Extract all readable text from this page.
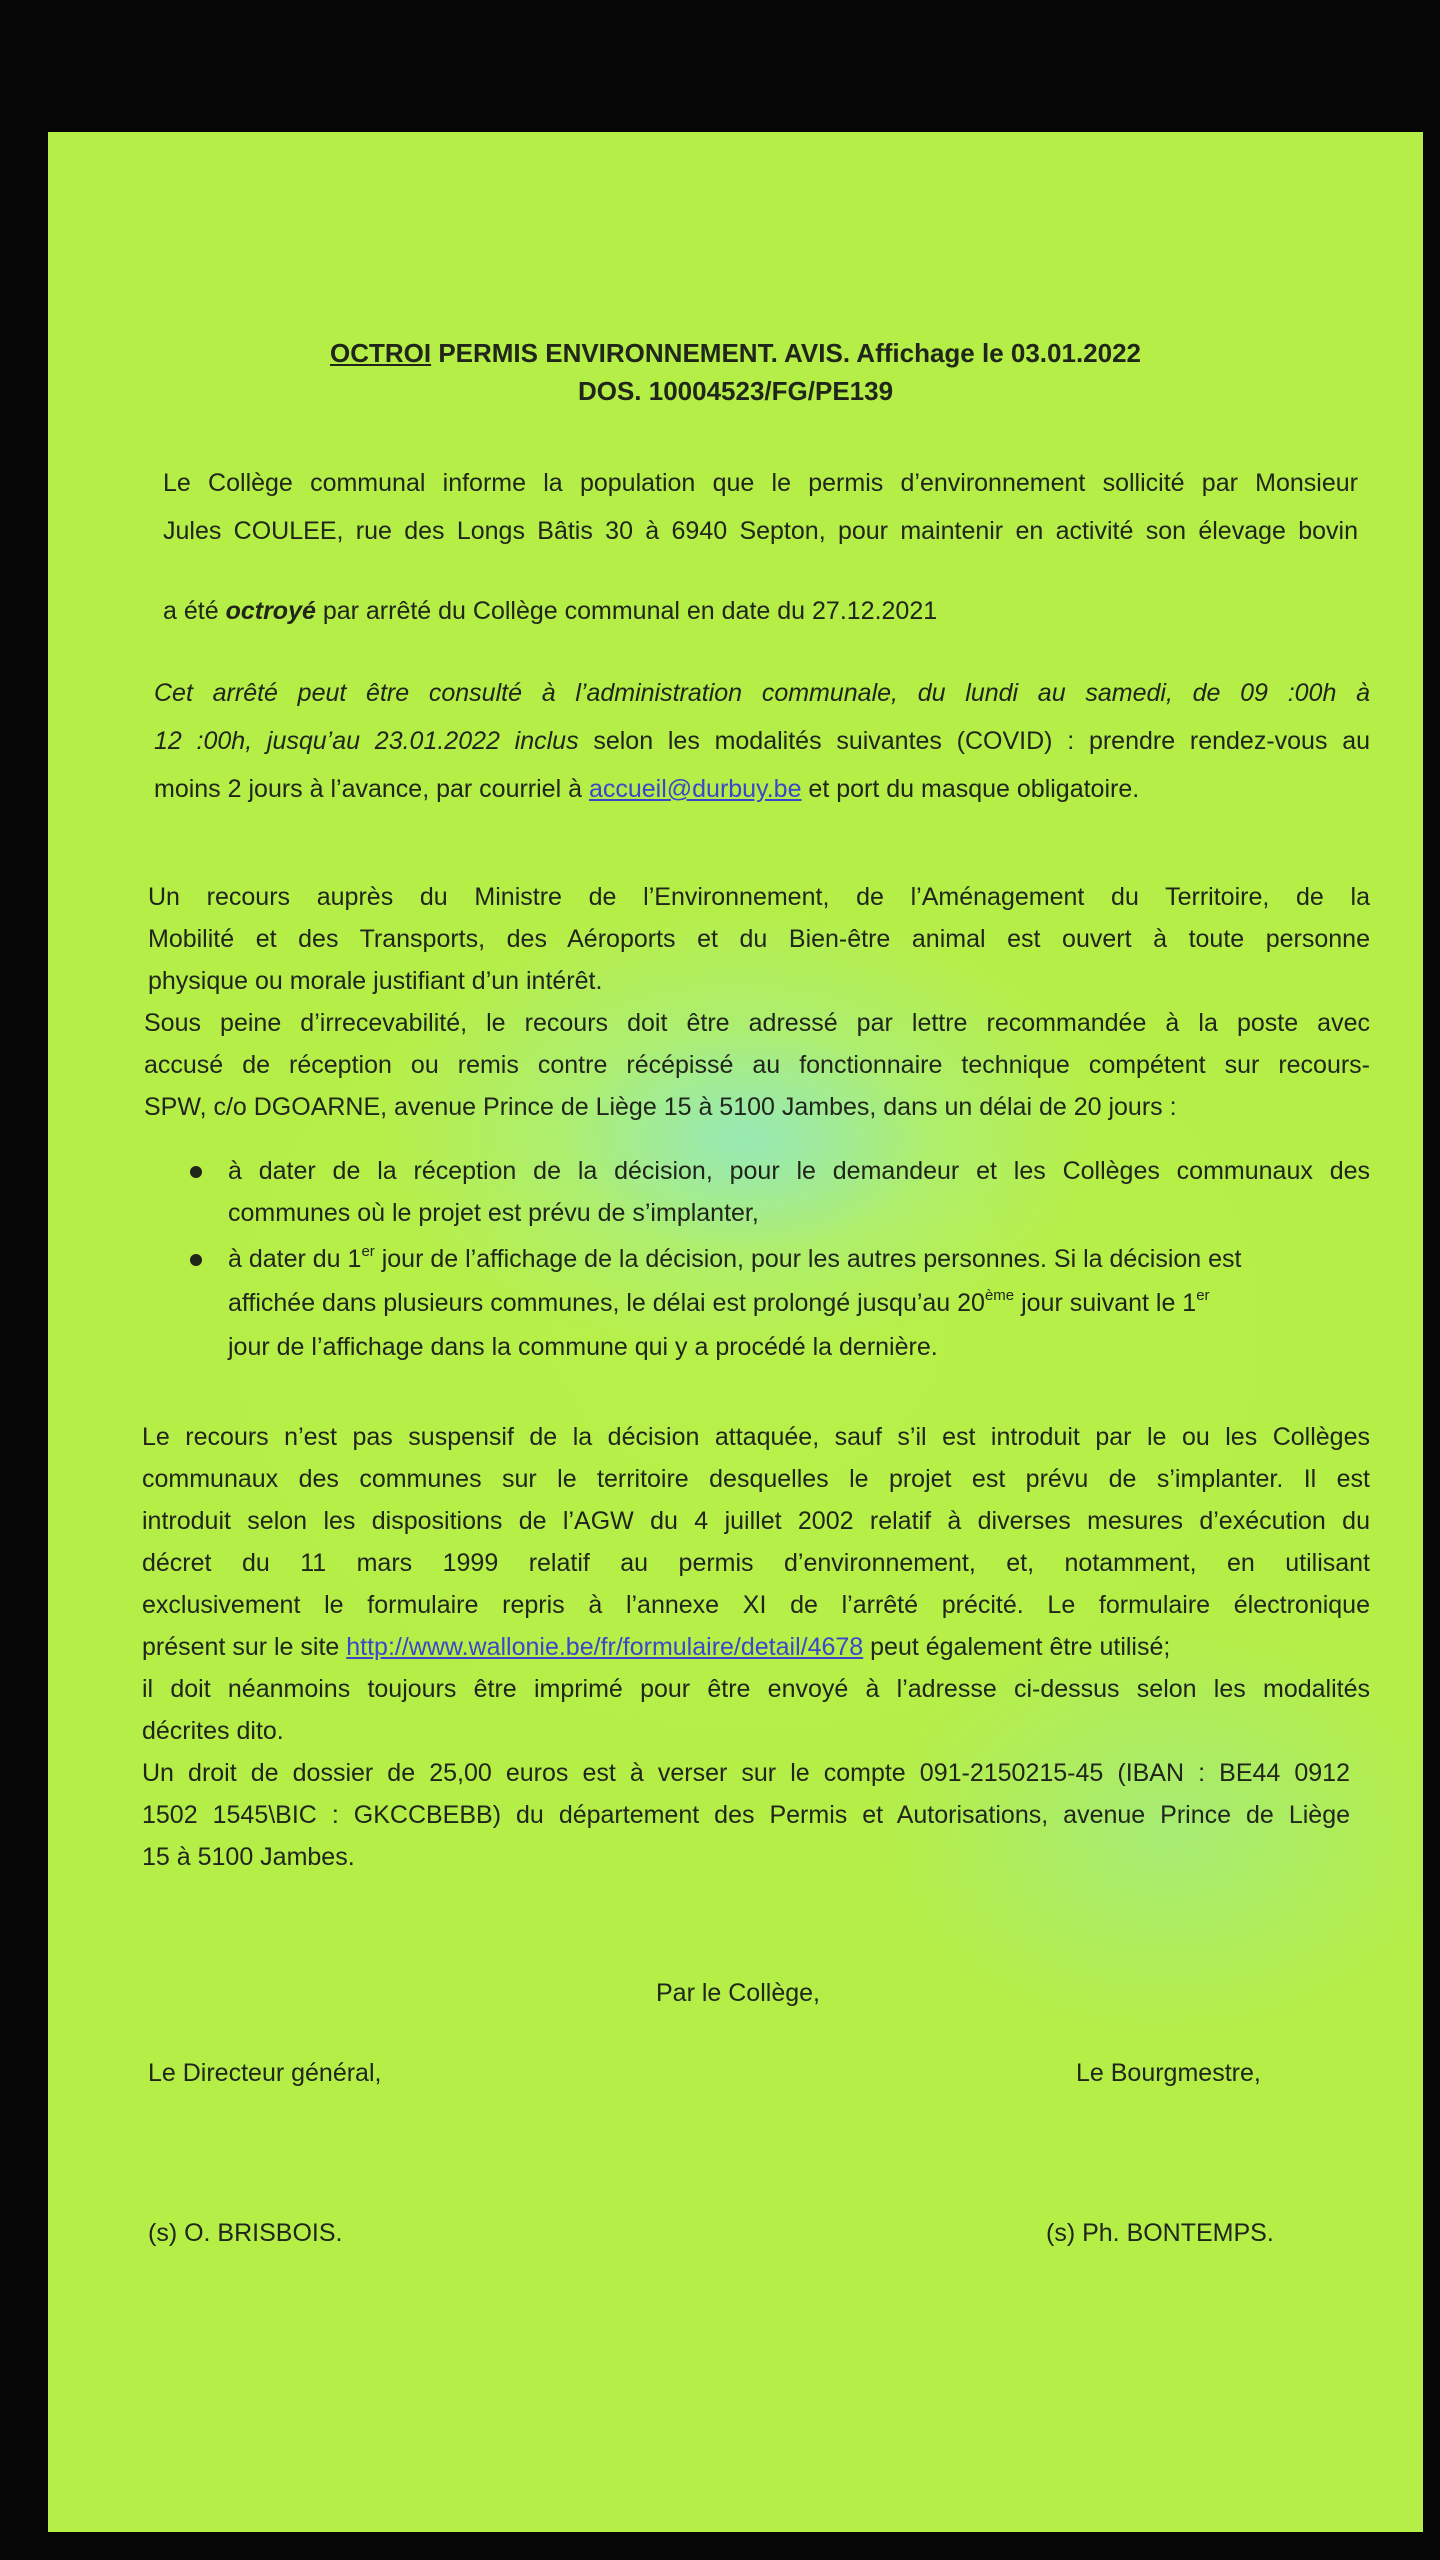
OCTROI PERMIS ENVIRONNEMENT. AVIS. Affichage le 03.01.2022
DOS. 10004523/FG/PE139
Le Collège communal informe la population que le permis d’environnement sollicité par Monsieur
Jules COULEE, rue des Longs Bâtis 30 à 6940 Septon, pour maintenir en activité son élevage bovin
a été octroyé par arrêté du Collège communal en date du 27.12.2021
Cet arrêté peut être consulté à l’administration communale, du lundi au samedi, de 09 :00h à
12 :00h, jusqu’au 23.01.2022 inclus selon les modalités suivantes (COVID) : prendre rendez-vous au
moins 2 jours à l’avance, par courriel à accueil@durbuy.be et port du masque obligatoire.
Un recours auprès du Ministre de l’Environnement, de l’Aménagement du Territoire, de la
Mobilité et des Transports, des Aéroports et du Bien-être animal est ouvert à toute personne
physique ou morale justifiant d’un intérêt.
Sous peine d’irrecevabilité, le recours doit être adressé par lettre recommandée à la poste avec
accusé de réception ou remis contre récépissé au fonctionnaire technique compétent sur recours-
SPW, c/o DGOARNE, avenue Prince de Liège 15 à 5100 Jambes, dans un délai de 20 jours :
à dater de la réception de la décision, pour le demandeur et les Collèges communaux des
communes où le projet est prévu de s’implanter,
à dater du 1er jour de l’affichage de la décision, pour les autres personnes. Si la décision est
affichée dans plusieurs communes, le délai est prolongé jusqu’au 20ème jour suivant le 1er
jour de l’affichage dans la commune qui y a procédé la dernière.
Le recours n’est pas suspensif de la décision attaquée, sauf s’il est introduit par le ou les Collèges
communaux des communes sur le territoire desquelles le projet est prévu de s’implanter. Il est
introduit selon les dispositions de l’AGW du 4 juillet 2002 relatif à diverses mesures d’exécution du
décret du 11 mars 1999 relatif au permis d’environnement, et, notamment, en utilisant
exclusivement le formulaire repris à l’annexe XI de l’arrêté précité. Le formulaire électronique
présent sur le site http://www.wallonie.be/fr/formulaire/detail/4678 peut également être utilisé;
il doit néanmoins toujours être imprimé pour être envoyé à l’adresse ci-dessus selon les modalités
décrites dito.
Un droit de dossier de 25,00 euros est à verser sur le compte 091-2150215-45 (IBAN : BE44 0912
1502 1545\BIC : GKCCBEBB) du département des Permis et Autorisations, avenue Prince de Liège
15 à 5100 Jambes.
Par le Collège,
Le Directeur général,	Le Bourgmestre,
(s) O. BRISBOIS.	(s) Ph. BONTEMPS.
